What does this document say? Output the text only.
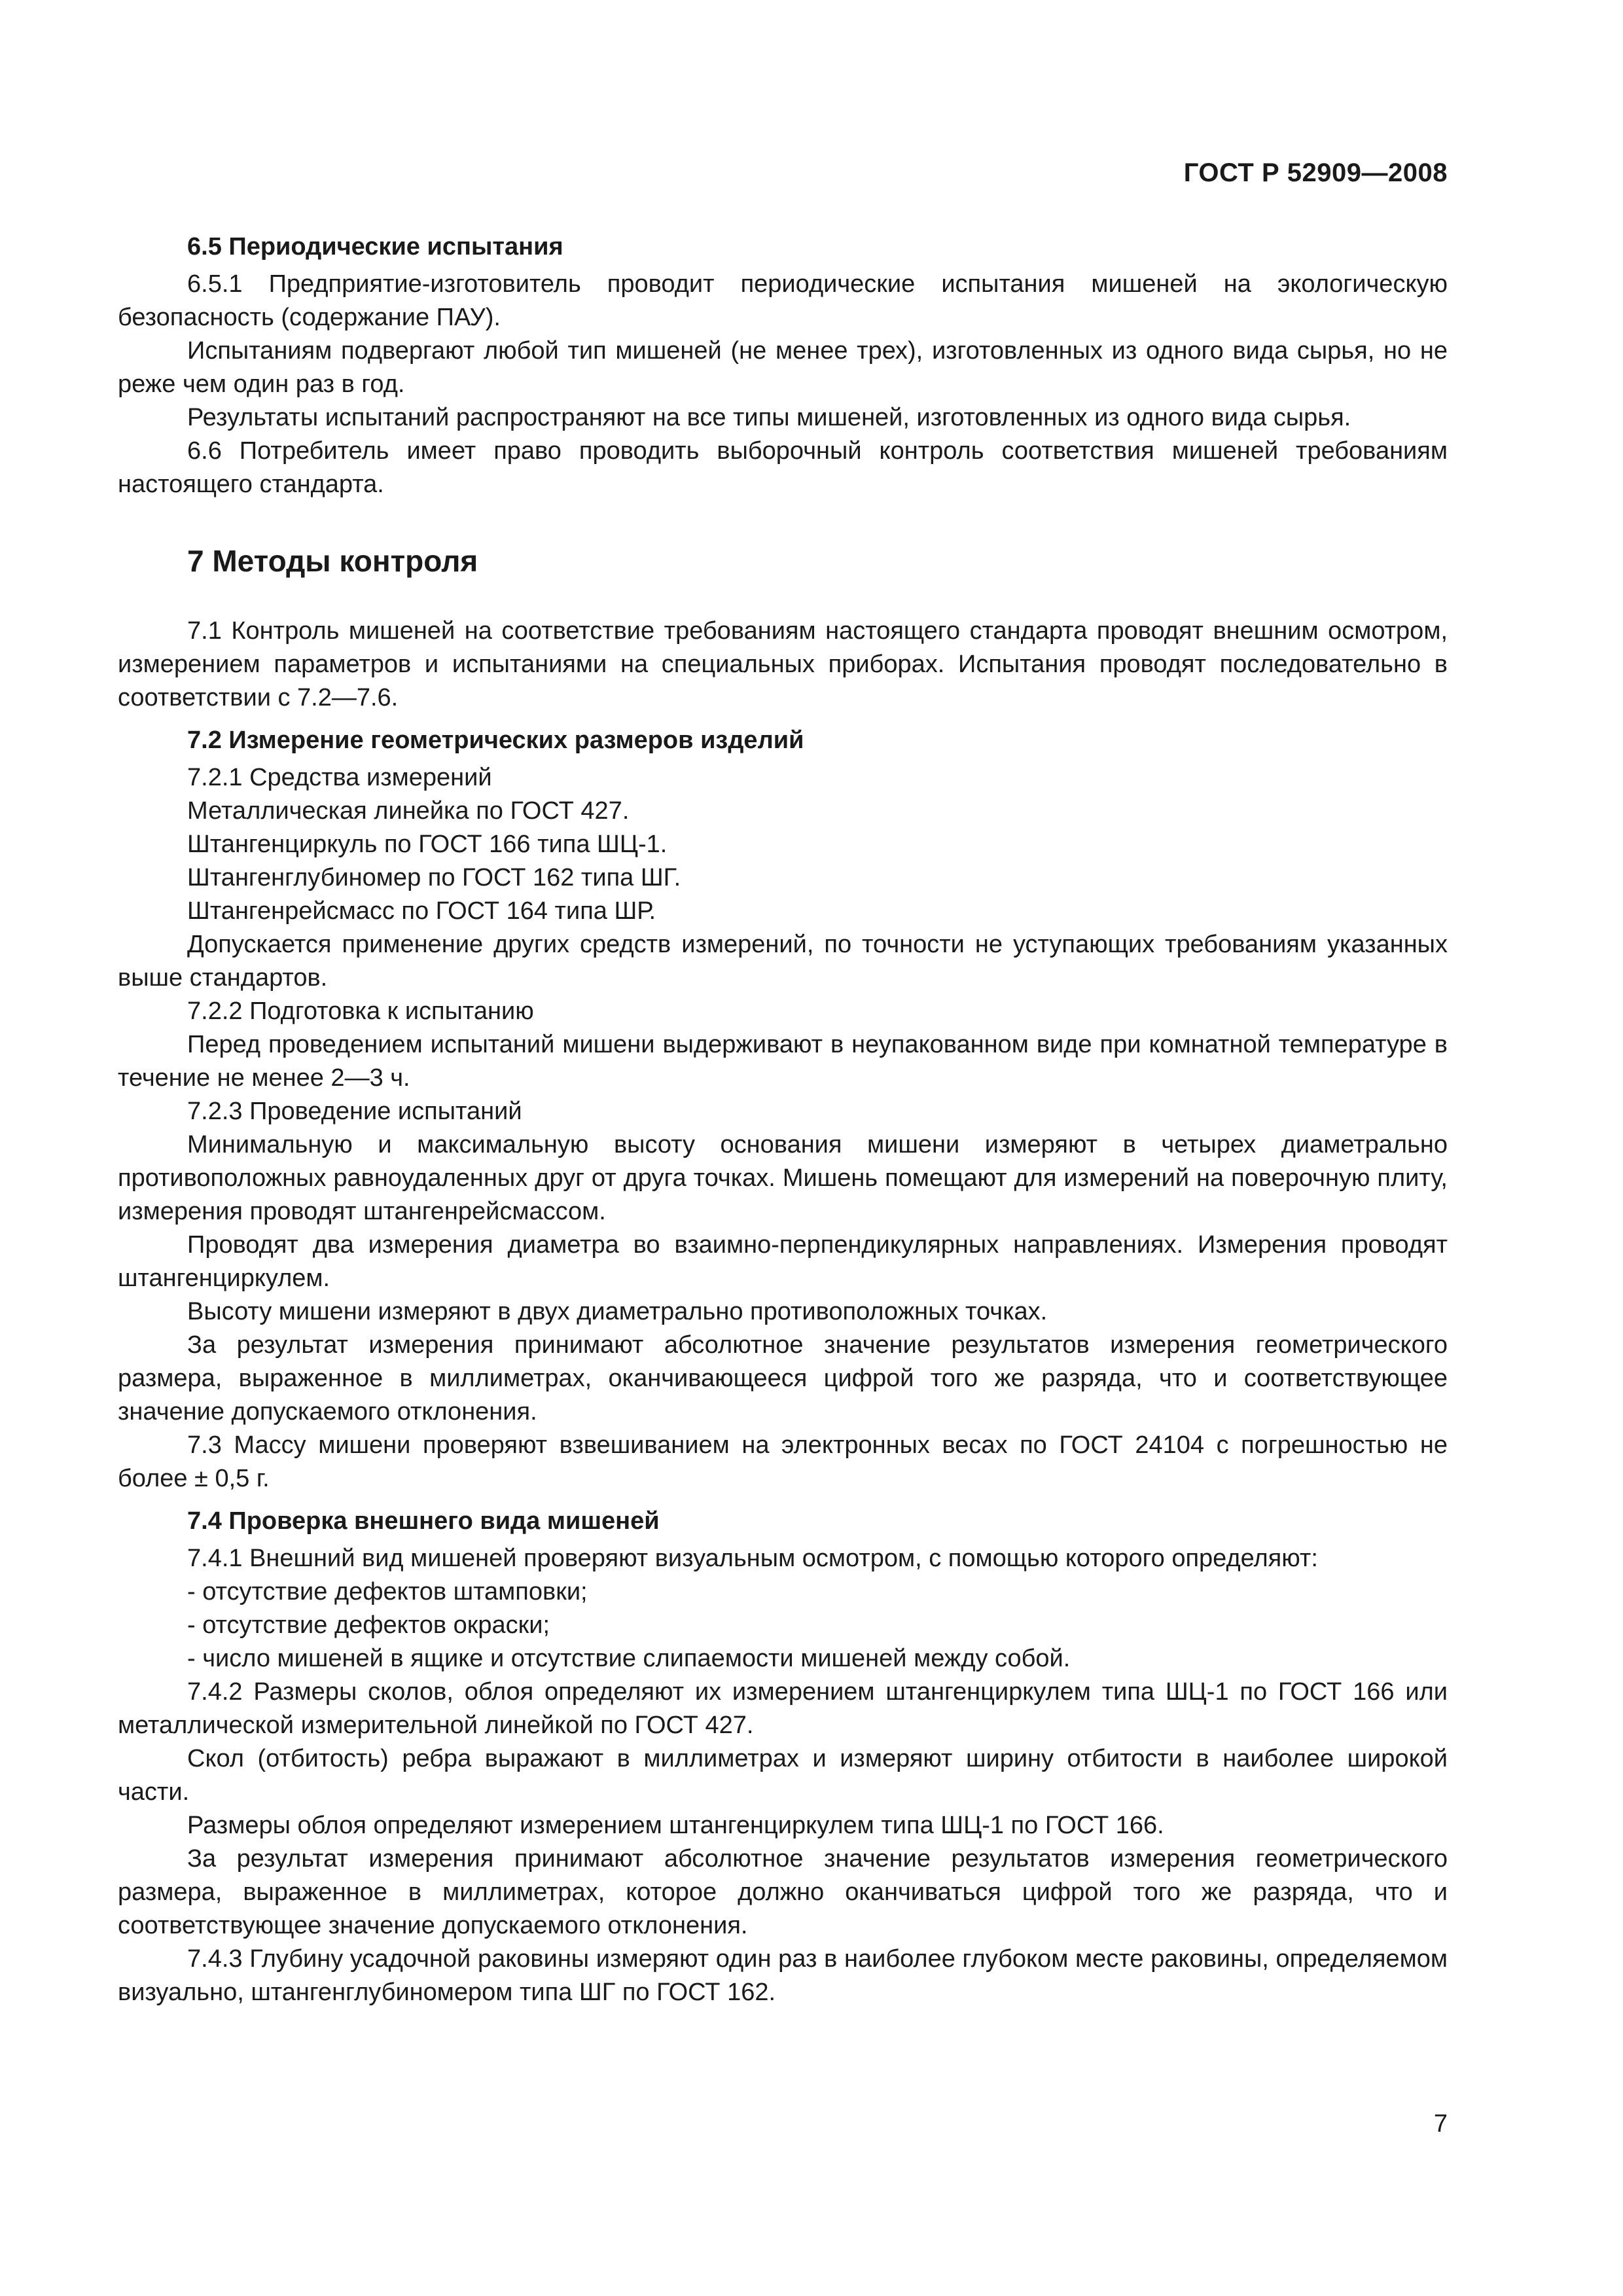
ГОСТ Р 52909—2008

6.5 Периодические испытания

6.5.1 Предприятие-изготовитель проводит периодические испытания мишеней на экологическую безопасность (содержание ПАУ).

Испытаниям подвергают любой тип мишеней (не менее трех), изготовленных из одного вида сырья, но не реже чем один раз в год.

Результаты испытаний распространяют на все типы мишеней, изготовленных из одного вида сырья.

6.6 Потребитель имеет право проводить выборочный контроль соответствия мишеней требованиям настоящего стандарта.

7 Методы контроля

7.1 Контроль мишеней на соответствие требованиям настоящего стандарта проводят внешним осмотром, измерением параметров и испытаниями на специальных приборах. Испытания проводят последовательно в соответствии с 7.2—7.6.

7.2 Измерение геометрических размеров изделий

7.2.1 Средства измерений

Металлическая линейка по ГОСТ 427.

Штангенциркуль по ГОСТ 166 типа ШЦ-1.

Штангенглубиномер по ГОСТ 162 типа ШГ.

Штангенрейсмасс по ГОСТ 164 типа ШР.

Допускается применение других средств измерений, по точности не уступающих требованиям указанных выше стандартов.

7.2.2 Подготовка к испытанию

Перед проведением испытаний мишени выдерживают в неупакованном виде при комнатной температуре в течение не менее 2—3 ч.

7.2.3 Проведение испытаний

Минимальную и максимальную высоту основания мишени измеряют в четырех диаметрально противоположных равноудаленных друг от друга точках. Мишень помещают для измерений на поверочную плиту, измерения проводят штангенрейсмассом.

Проводят два измерения диаметра во взаимно-перпендикулярных направлениях. Измерения проводят штангенциркулем.

Высоту мишени измеряют в двух диаметрально противоположных точках.

За результат измерения принимают абсолютное значение результатов измерения геометрического размера, выраженное в миллиметрах, оканчивающееся цифрой того же разряда, что и соответствующее значение допускаемого отклонения.

7.3 Массу мишени проверяют взвешиванием на электронных весах по ГОСТ 24104 с погрешностью не более ± 0,5 г.

7.4 Проверка внешнего вида мишеней

7.4.1 Внешний вид мишеней проверяют визуальным осмотром, с помощью которого определяют:

- отсутствие дефектов штамповки;

- отсутствие дефектов окраски;

- число мишеней в ящике и отсутствие слипаемости мишеней между собой.

7.4.2 Размеры сколов, облоя определяют их измерением штангенциркулем типа ШЦ-1 по ГОСТ 166 или металлической измерительной линейкой по ГОСТ 427.

Скол (отбитость) ребра выражают в миллиметрах и измеряют ширину отбитости в наиболее широкой части.

Размеры облоя определяют измерением штангенциркулем типа ШЦ-1 по ГОСТ 166.

За результат измерения принимают абсолютное значение результатов измерения геометрического размера, выраженное в миллиметрах, которое должно оканчиваться цифрой того же разряда, что и соответствующее значение допускаемого отклонения.

7.4.3 Глубину усадочной раковины измеряют один раз в наиболее глубоком месте раковины, определяемом визуально, штангенглубиномером типа ШГ по ГОСТ 162.

7
